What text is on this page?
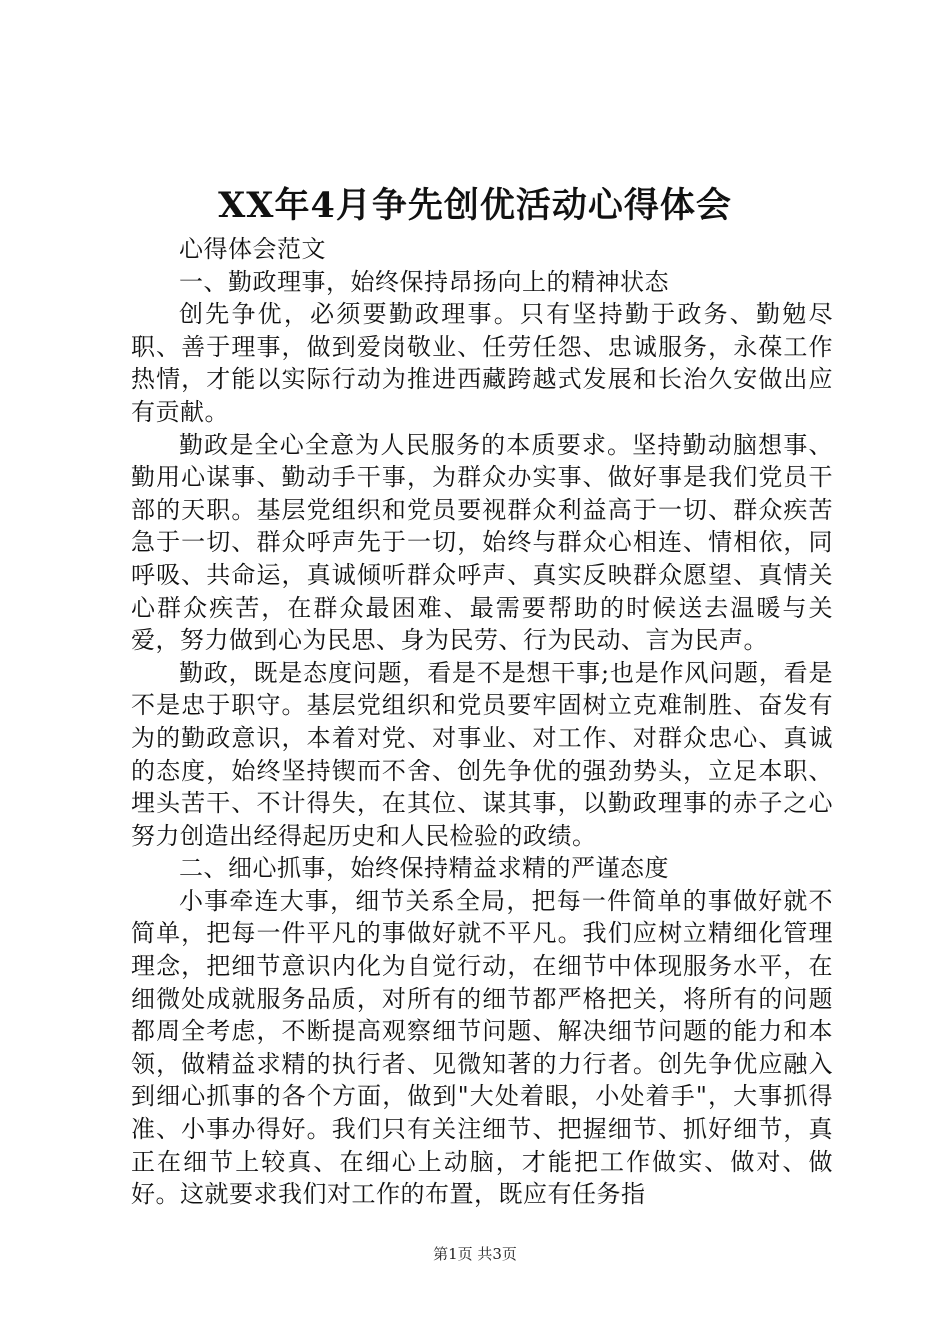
XX年4月争先创优活动心得体会

心得体会范文

一、勤政理事，始终保持昂扬向上的精神状态

创先争优，必须要勤政理事。只有坚持勤于政务、勤勉尽职、善于理事，做到爱岗敬业、任劳任怨、忠诚服务，永葆工作热情，才能以实际行动为推进西藏跨越式发展和长治久安做出应有贡献。

勤政是全心全意为人民服务的本质要求。坚持勤动脑想事、勤用心谋事、勤动手干事，为群众办实事、做好事是我们党员干部的天职。基层党组织和党员要视群众利益高于一切、群众疾苦急于一切、群众呼声先于一切，始终与群众心相连、情相依，同呼吸、共命运，真诚倾听群众呼声、真实反映群众愿望、真情关心群众疾苦，在群众最困难、最需要帮助的时候送去温暖与关爱，努力做到心为民思、身为民劳、行为民动、言为民声。

勤政，既是态度问题，看是不是想干事;也是作风问题，看是不是忠于职守。基层党组织和党员要牢固树立克难制胜、奋发有为的勤政意识，本着对党、对事业、对工作、对群众忠心、真诚的态度，始终坚持锲而不舍、创先争优的强劲势头，立足本职、埋头苦干、不计得失，在其位、谋其事，以勤政理事的赤子之心努力创造出经得起历史和人民检验的政绩。

二、细心抓事，始终保持精益求精的严谨态度

小事牵连大事，细节关系全局，把每一件简单的事做好就不简单，把每一件平凡的事做好就不平凡。我们应树立精细化管理理念，把细节意识内化为自觉行动，在细节中体现服务水平，在细微处成就服务品质，对所有的细节都严格把关，将所有的问题都周全考虑，不断提高观察细节问题、解决细节问题的能力和本领，做精益求精的执行者、见微知著的力行者。创先争优应融入到细心抓事的各个方面，做到"大处着眼，小处着手"，大事抓得准、小事办得好。我们只有关注细节、把握细节、抓好细节，真正在细节上较真、在细心上动脑，才能把工作做实、做对、做好。这就要求我们对工作的布置，既应有任务指

第1页 共3页
